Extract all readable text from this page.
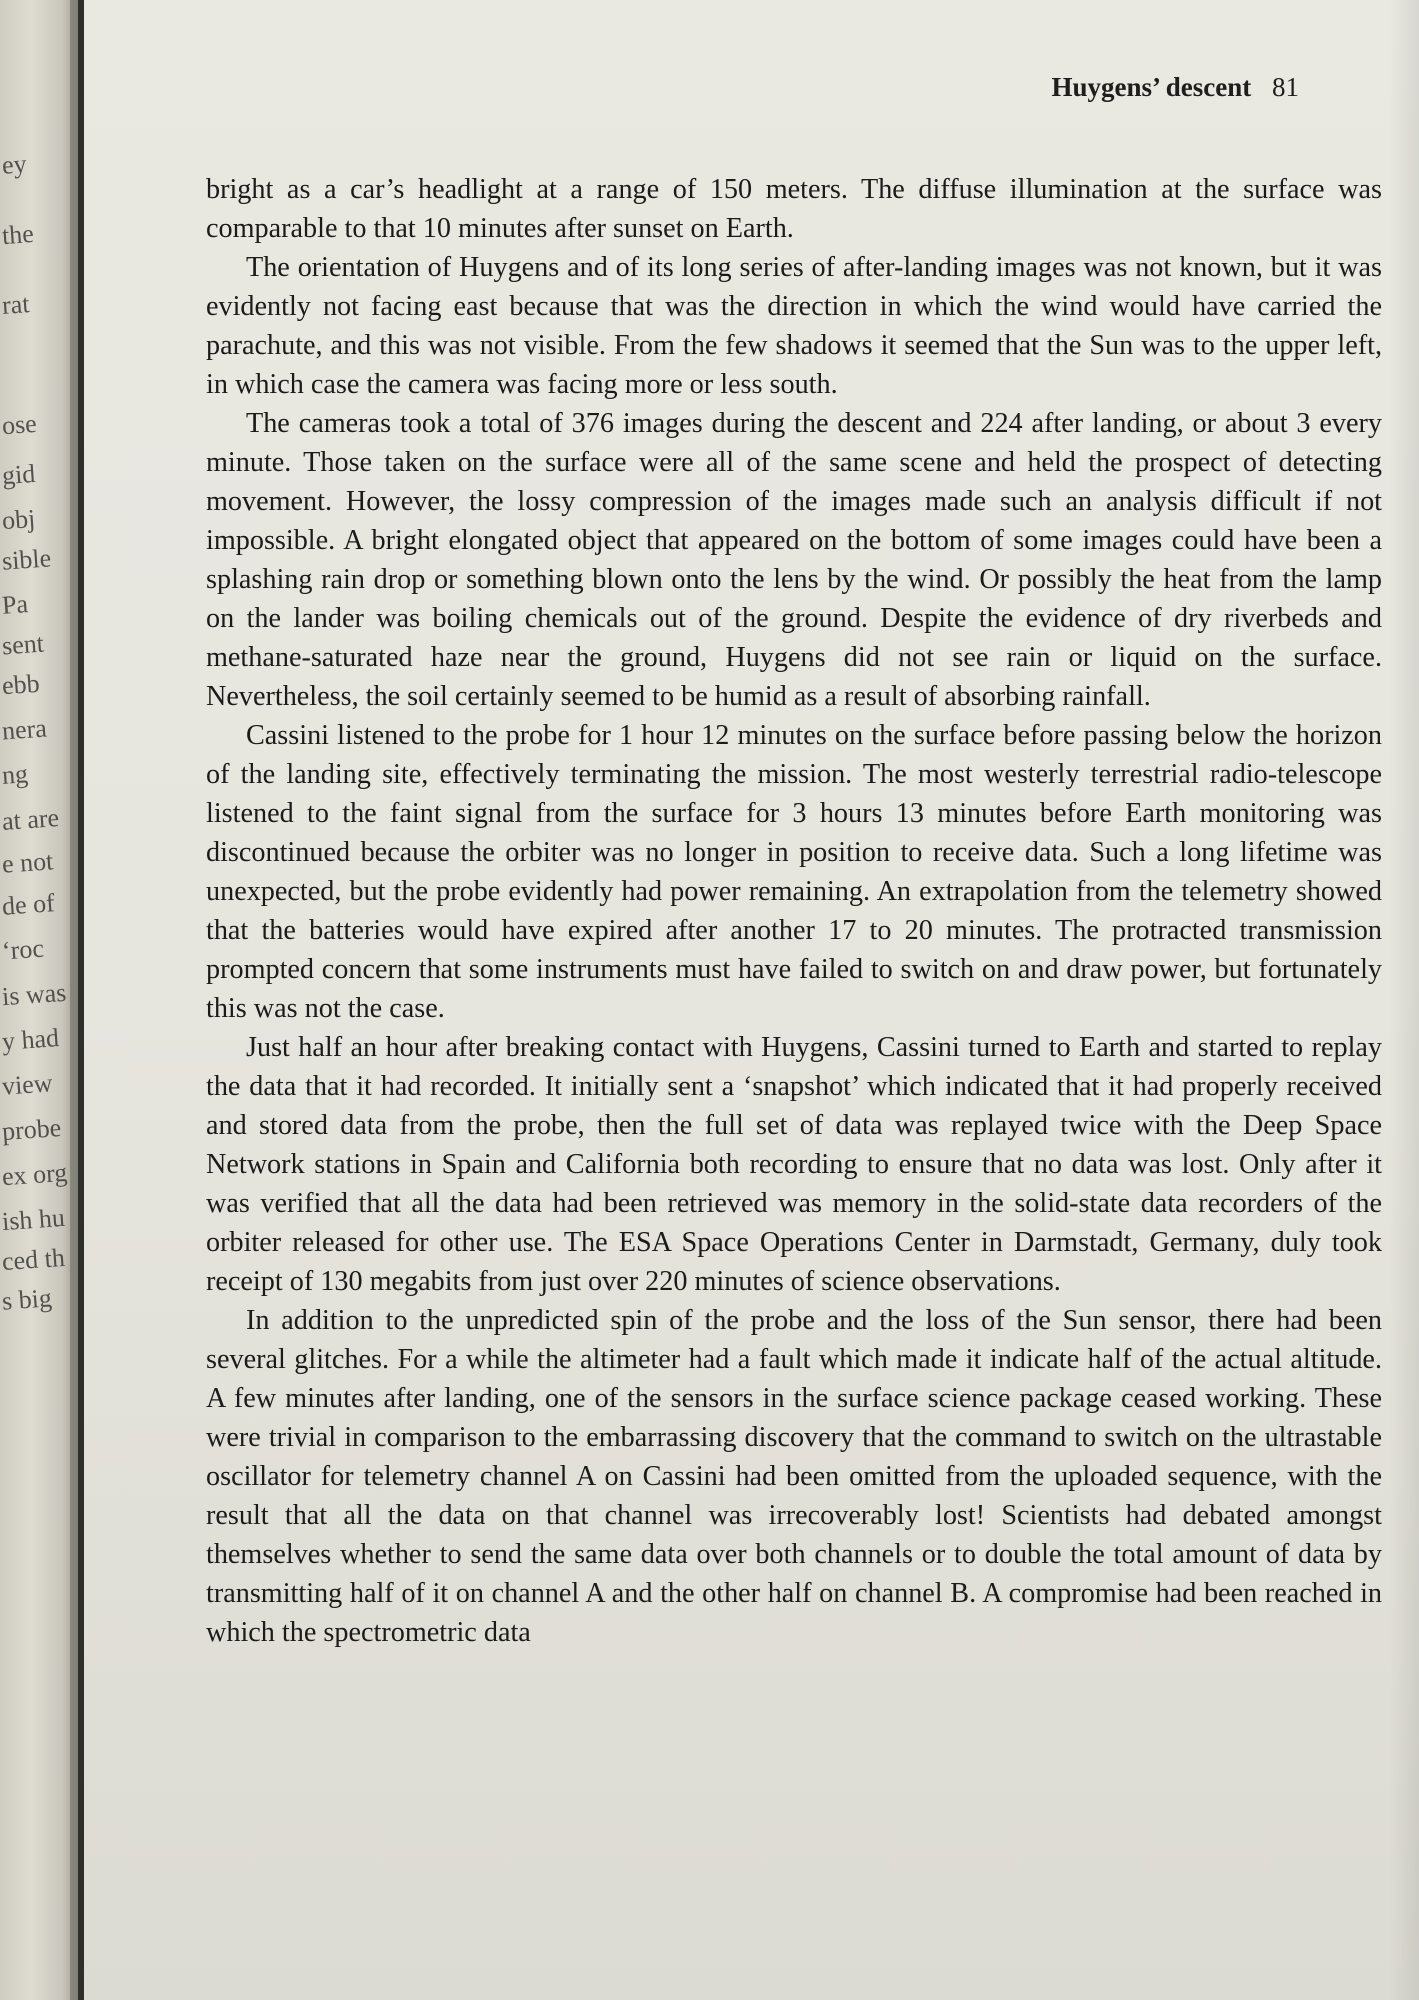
ey
the
rat
ose
gid
obj
sible
Pa
sent
ebb
nera
ng
at are
e not
de of
‘roc
is was
y had
view
probe
ex org
ish hu
ced th
s big
Huygens’ descent 81

bright as a car’s headlight at a range of 150 meters. The diffuse illumination at the surface was comparable to that 10 minutes after sunset on Earth.

The orientation of Huygens and of its long series of after-landing images was not known, but it was evidently not facing east because that was the direction in which the wind would have carried the parachute, and this was not visible. From the few shadows it seemed that the Sun was to the upper left, in which case the camera was facing more or less south.

The cameras took a total of 376 images during the descent and 224 after landing, or about 3 every minute. Those taken on the surface were all of the same scene and held the prospect of detecting movement. However, the lossy compression of the images made such an analysis difficult if not impossible. A bright elongated object that appeared on the bottom of some images could have been a splashing rain drop or something blown onto the lens by the wind. Or possibly the heat from the lamp on the lander was boiling chemicals out of the ground. Despite the evidence of dry riverbeds and methane-saturated haze near the ground, Huygens did not see rain or liquid on the surface. Nevertheless, the soil certainly seemed to be humid as a result of absorbing rainfall.

Cassini listened to the probe for 1 hour 12 minutes on the surface before passing below the horizon of the landing site, effectively terminating the mission. The most westerly terrestrial radio-telescope listened to the faint signal from the surface for 3 hours 13 minutes before Earth monitoring was discontinued because the orbiter was no longer in position to receive data. Such a long lifetime was unexpected, but the probe evidently had power remaining. An extrapolation from the telemetry showed that the batteries would have expired after another 17 to 20 minutes. The protracted transmission prompted concern that some instruments must have failed to switch on and draw power, but fortunately this was not the case.

Just half an hour after breaking contact with Huygens, Cassini turned to Earth and started to replay the data that it had recorded. It initially sent a ‘snapshot’ which indicated that it had properly received and stored data from the probe, then the full set of data was replayed twice with the Deep Space Network stations in Spain and California both recording to ensure that no data was lost. Only after it was verified that all the data had been retrieved was memory in the solid-state data recorders of the orbiter released for other use. The ESA Space Operations Center in Darmstadt, Germany, duly took receipt of 130 megabits from just over 220 minutes of science observations.

In addition to the unpredicted spin of the probe and the loss of the Sun sensor, there had been several glitches. For a while the altimeter had a fault which made it indicate half of the actual altitude. A few minutes after landing, one of the sensors in the surface science package ceased working. These were trivial in comparison to the embarrassing discovery that the command to switch on the ultrastable oscillator for telemetry channel A on Cassini had been omitted from the uploaded sequence, with the result that all the data on that channel was irrecoverably lost! Scientists had debated amongst themselves whether to send the same data over both channels or to double the total amount of data by transmitting half of it on channel A and the other half on channel B. A compromise had been reached in which the spectrometric data
